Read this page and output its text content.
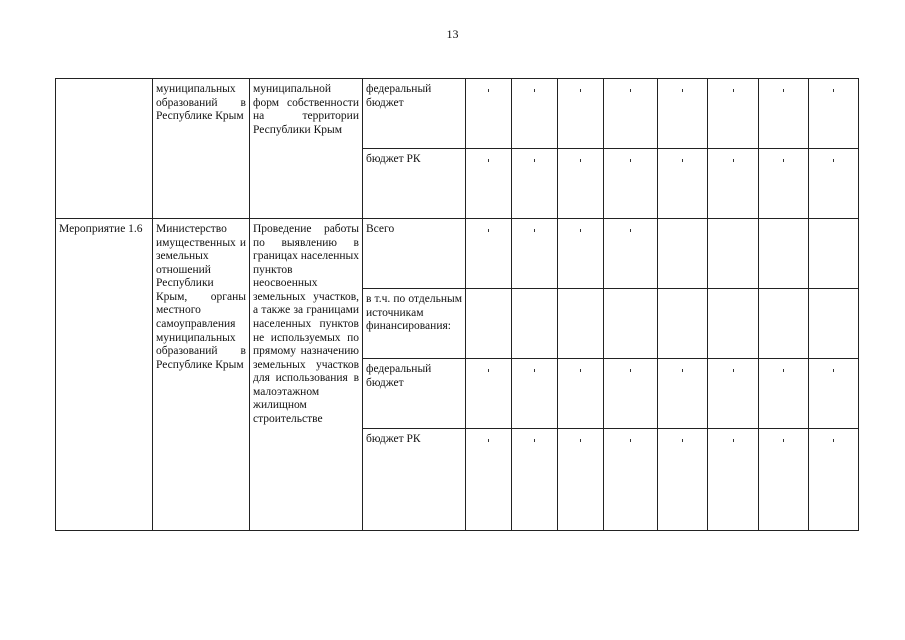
13
	муниципальных образований в Республике Крым	муниципальной форм собственности на территории Республики Крым	федеральный бюджет								
			бюджет РК								
Мероприятие 1.6	Министерство имущественных и земельных отношений Республики Крым, органы местного самоуправления муниципальных образований в Республике Крым	Проведение работы по выявлению в границах населенных пунктов неосвоенных земельных участков, а также за границами населенных пунктов не используемых по прямому назначению земельных участков для использования в малоэтажном жилищном строительстве	Всего								
			в т.ч. по отдельным источникам финансирования:								
			федеральный бюджет								
			бюджет РК								
